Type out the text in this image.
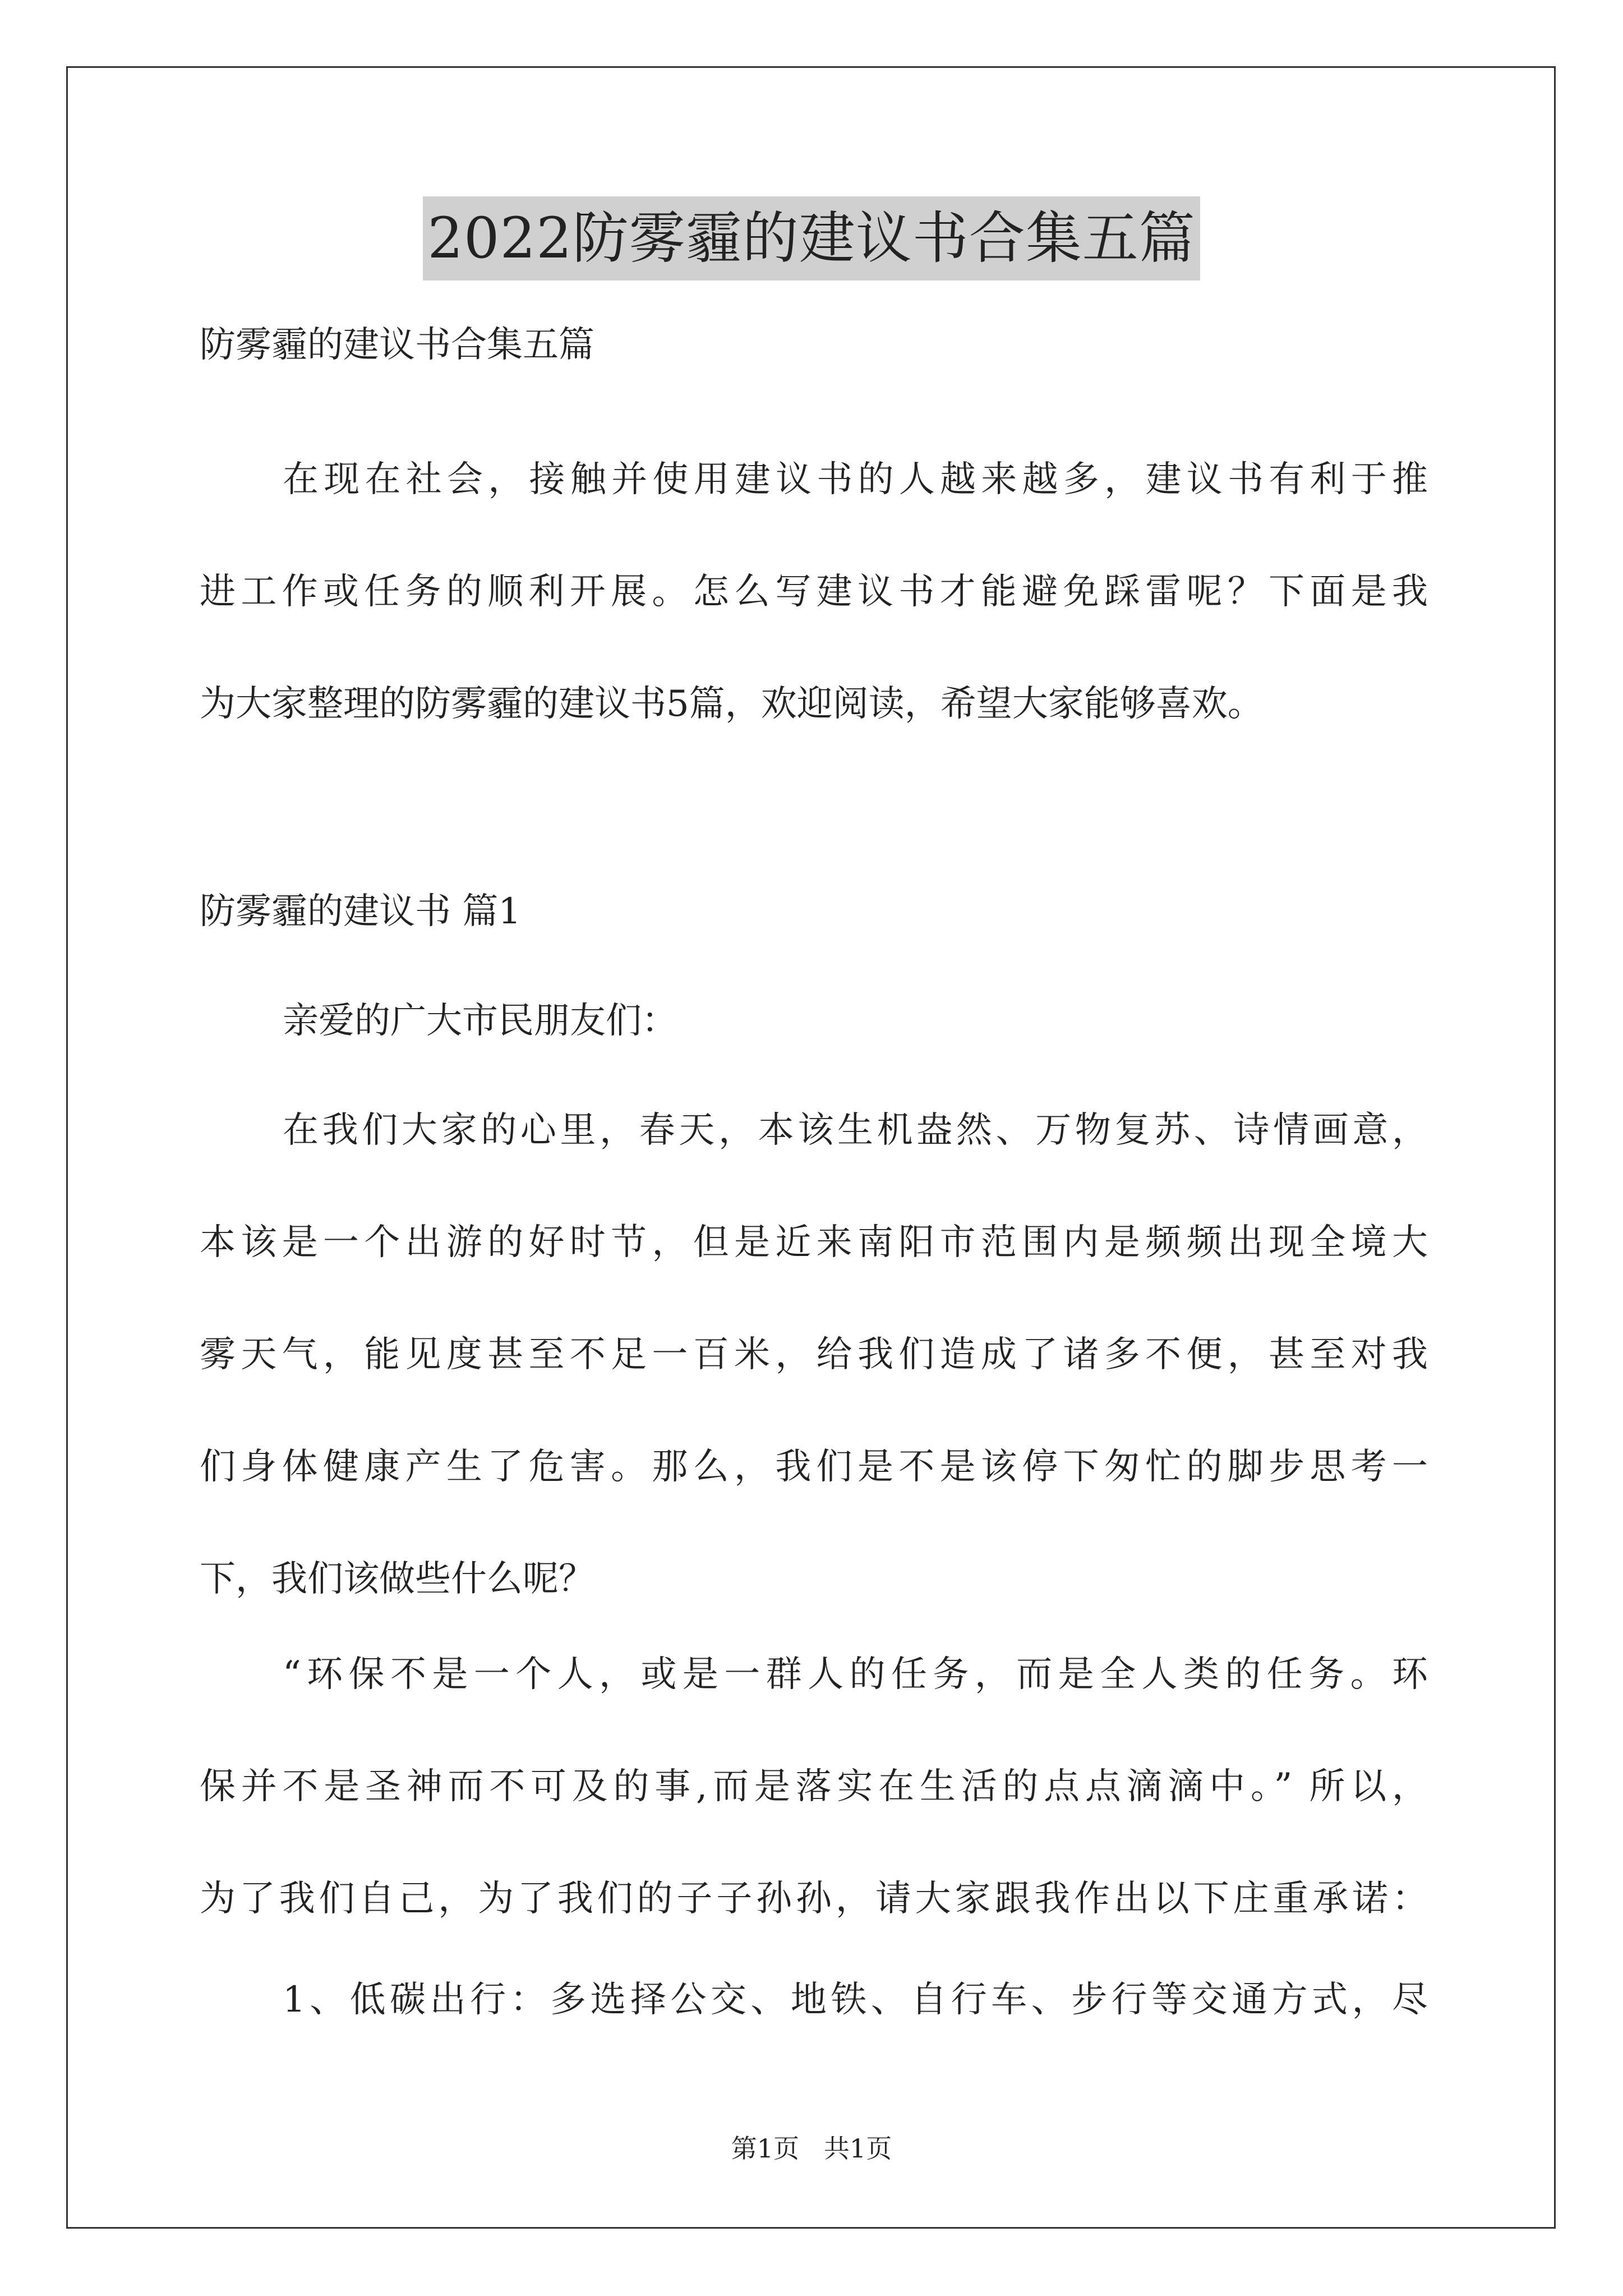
2022防雾霾的建议书合集五篇

防雾霾的建议书合集五篇

在现在社会，接触并使用建议书的人越来越多，建议书有利于推
进工作或任务的顺利开展。怎么写建议书才能避免踩雷呢？下面是我
为大家整理的防雾霾的建议书5篇，欢迎阅读，希望大家能够喜欢。
防雾霾的建议书 篇1
亲爱的广大市民朋友们：
在我们大家的心里，春天，本该生机盎然、万物复苏、诗情画意，
本该是一个出游的好时节，但是近来南阳市范围内是频频出现全境大
雾天气，能见度甚至不足一百米，给我们造成了诸多不便，甚至对我
们身体健康产生了危害。那么，我们是不是该停下匆忙的脚步思考一
下，我们该做些什么呢？
“环保不是一个人，或是一群人的任务，而是全人类的任务。环
保并不是圣神而不可及的事,而是落实在生活的点点滴滴中。” 所以，
为了我们自己，为了我们的子子孙孙，请大家跟我作出以下庄重承诺：
1、低碳出行：多选择公交、地铁、自行车、步行等交通方式，尽
第1页   共1页
